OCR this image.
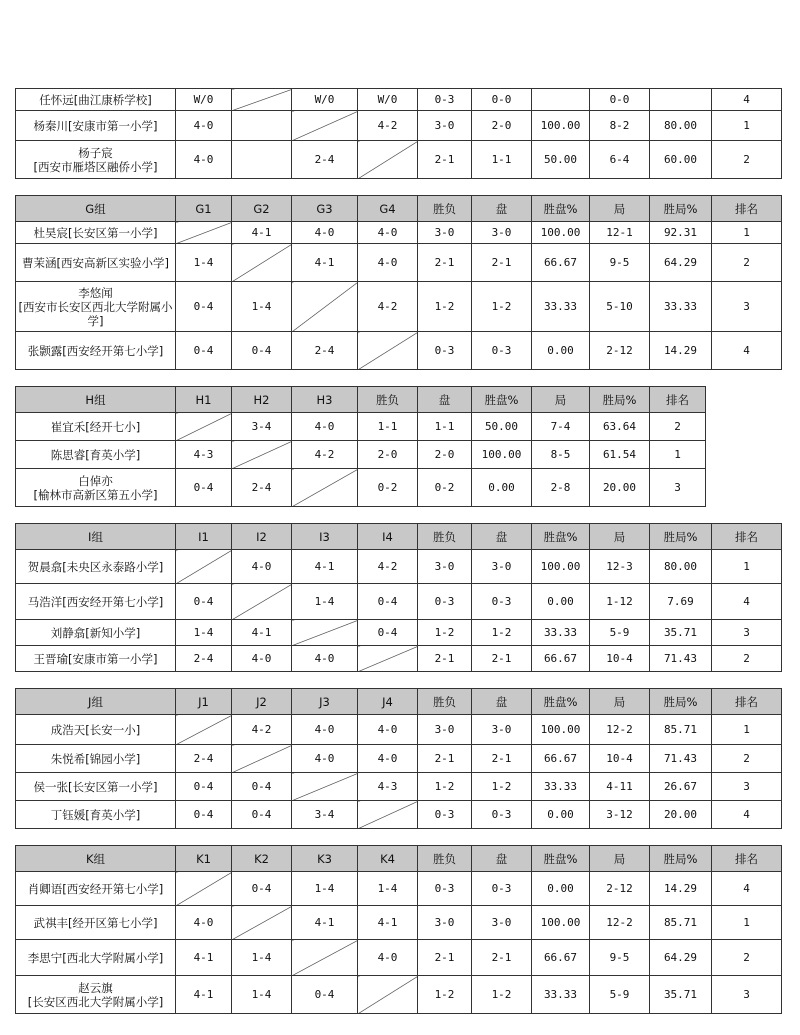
任怀远[曲江康桥学校]	W/0		W/0	W/0	0-3	0-0		0-0		4
杨秦川[安康市第一小学]	4-0			4-2	3-0	2-0	100.00	8-2	80.00	1
杨子宸
[西安市雁塔区融侨小学]	4-0		2-4		2-1	1-1	50.00	6-4	60.00	2
G组	G1	G2	G3	G4	胜负	盘	胜盘%	局	胜局%	排名
杜昊宸[长安区第一小学]		4-1	4-0	4-0	3-0	3-0	100.00	12-1	92.31	1
曹茉涵[西安高新区实验小学]	1-4		4-1	4-0	2-1	2-1	66.67	9-5	64.29	2
李悠闻
[西安市长安区西北大学附属小学]	0-4	1-4		4-2	1-2	1-2	33.33	5-10	33.33	3
张颢露[西安经开第七小学]	0-4	0-4	2-4		0-3	0-3	0.00	2-12	14.29	4
H组	H1	H2	H3	胜负	盘	胜盘%	局	胜局%	排名
崔宜禾[经开七小]		3-4	4-0	1-1	1-1	50.00	7-4	63.64	2
陈思睿[育英小学]	4-3		4-2	2-0	2-0	100.00	8-5	61.54	1
白倬亦
[榆林市高新区第五小学]	0-4	2-4		0-2	0-2	0.00	2-8	20.00	3
I组	I1	I2	I3	I4	胜负	盘	胜盘%	局	胜局%	排名
贺晨翕[未央区永泰路小学]		4-0	4-1	4-2	3-0	3-0	100.00	12-3	80.00	1
马浩洋[西安经开第七小学]	0-4		1-4	0-4	0-3	0-3	0.00	1-12	7.69	4
刘静翕[新知小学]	1-4	4-1		0-4	1-2	1-2	33.33	5-9	35.71	3
王晋瑜[安康市第一小学]	2-4	4-0	4-0		2-1	2-1	66.67	10-4	71.43	2
J组	J1	J2	J3	J4	胜负	盘	胜盘%	局	胜局%	排名
成浩天[长安一小]		4-2	4-0	4-0	3-0	3-0	100.00	12-2	85.71	1
朱悦希[锦园小学]	2-4		4-0	4-0	2-1	2-1	66.67	10-4	71.43	2
侯一张[长安区第一小学]	0-4	0-4		4-3	1-2	1-2	33.33	4-11	26.67	3
丁钰媛[育英小学]	0-4	0-4	3-4		0-3	0-3	0.00	3-12	20.00	4
K组	K1	K2	K3	K4	胜负	盘	胜盘%	局	胜局%	排名
肖卿语[西安经开第七小学]		0-4	1-4	1-4	0-3	0-3	0.00	2-12	14.29	4
武祺丰[经开区第七小学]	4-0		4-1	4-1	3-0	3-0	100.00	12-2	85.71	1
李思宁[西北大学附属小学]	4-1	1-4		4-0	2-1	2-1	66.67	9-5	64.29	2
赵云旗
[长安区西北大学附属小学]	4-1	1-4	0-4		1-2	1-2	33.33	5-9	35.71	3
